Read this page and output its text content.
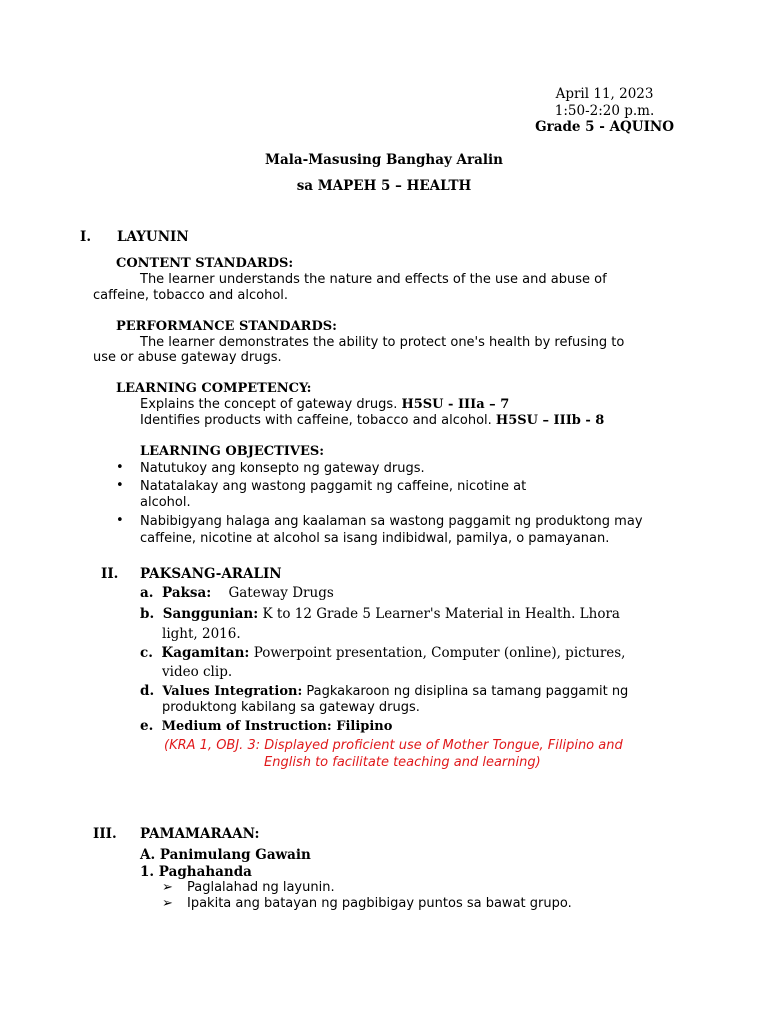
April 11, 2023
1:50-2:20 p.m.
Grade 5 - AQUINO
Mala-Masusing Banghay Aralin
sa MAPEH 5 – HEALTH
I. LAYUNIN
CONTENT STANDARDS:
The learner understands the nature and effects of the use and abuse of
caffeine, tobacco and alcohol.
PERFORMANCE STANDARDS:
The learner demonstrates the ability to protect one's health by refusing to
use or abuse gateway drugs.
LEARNING COMPETENCY:
Explains the concept of gateway drugs. H5SU - IIIa – 7
Identifies products with caffeine, tobacco and alcohol. H5SU – IIIb - 8
LEARNING OBJECTIVES:
• Natutukoy ang konsepto ng gateway drugs.
• Natatalakay ang wastong paggamit ng caffeine, nicotine at
alcohol.
• Nabibigyang halaga ang kaalaman sa wastong paggamit ng produktong may
caffeine, nicotine at alcohol sa isang indibidwal, pamilya, o pamayanan.
II. PAKSANG-ARALIN
a. Paksa: Gateway Drugs
b. Sanggunian: K to 12 Grade 5 Learner's Material in Health. Lhora
light, 2016.
c. Kagamitan: Powerpoint presentation, Computer (online), pictures,
video clip.
d. Values Integration: Pagkakaroon ng disiplina sa tamang paggamit ng
produktong kabilang sa gateway drugs.
e. Medium of Instruction: Filipino
(KRA 1, OBJ. 3: Displayed proficient use of Mother Tongue, Filipino and
English to facilitate teaching and learning)
III. PAMAMARAAN:
A. Panimulang Gawain
1. Paghahanda
➢ Paglalahad ng layunin.
➢ Ipakita ang batayan ng pagbibigay puntos sa bawat grupo.
